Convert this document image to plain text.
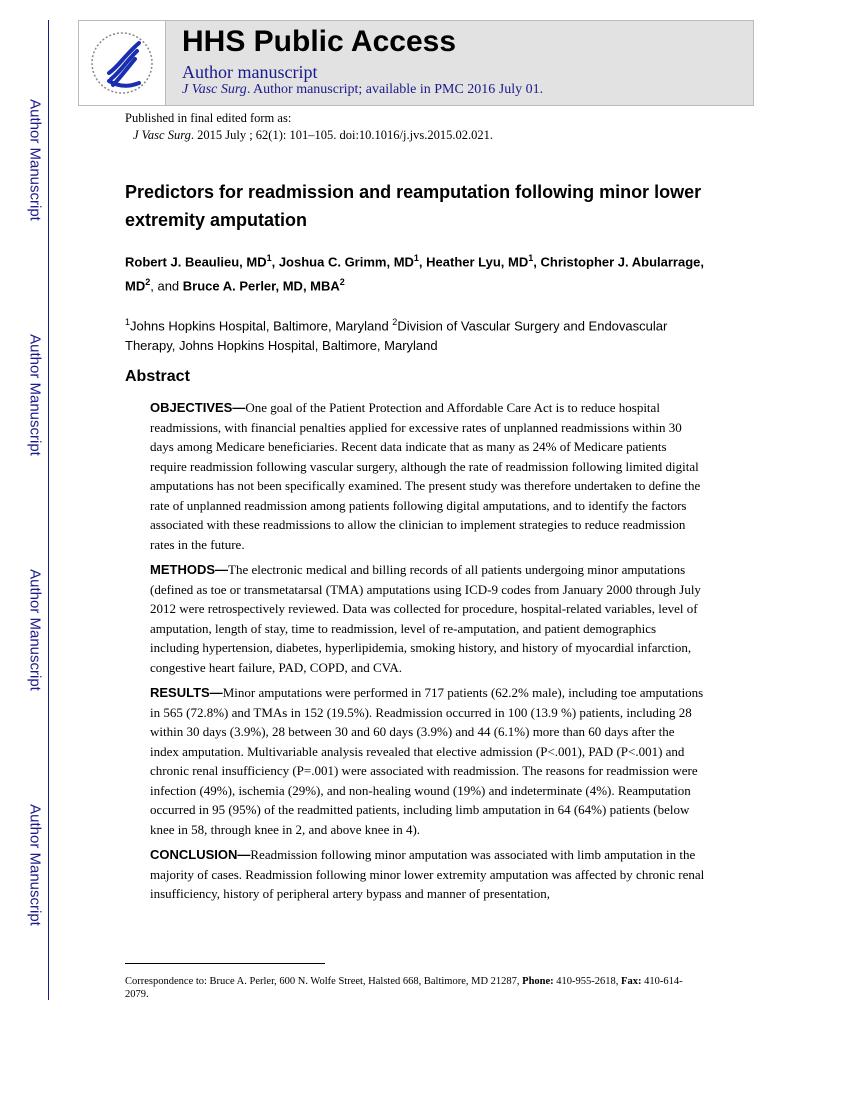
Author Manuscript
Author Manuscript
Author Manuscript
Author Manuscript
HHS Public Access
Author manuscript
J Vasc Surg. Author manuscript; available in PMC 2016 July 01.
Published in final edited form as:
J Vasc Surg. 2015 July ; 62(1): 101–105. doi:10.1016/j.jvs.2015.02.021.
Predictors for readmission and reamputation following minor lower extremity amputation
Robert J. Beaulieu, $MD^1$, Joshua C. Grimm, $MD^1$, Heather Lyu, $MD^1$, Christopher J. Abularrage, $MD^2$, and Bruce A. Perler, MD, MBA$^2$
$^1$Johns Hopkins Hospital, Baltimore, Maryland $^2$Division of Vascular Surgery and Endovascular Therapy, Johns Hopkins Hospital, Baltimore, Maryland
Abstract

OBJECTIVES—One goal of the Patient Protection and Affordable Care Act is to reduce hospital readmissions, with financial penalties applied for excessive rates of unplanned readmissions within 30 days among Medicare beneficiaries. Recent data indicate that as many as 24% of Medicare patients require readmission following vascular surgery, although the rate of readmission following limited digital amputations has not been specifically examined. The present study was therefore undertaken to define the rate of unplanned readmission among patients following digital amputations, and to identify the factors associated with these readmissions to allow the clinician to implement strategies to reduce readmission rates in the future.

METHODS—The electronic medical and billing records of all patients undergoing minor amputations (defined as toe or transmetatarsal (TMA) amputations using ICD-9 codes from January 2000 through July 2012 were retrospectively reviewed. Data was collected for procedure, hospital-related variables, level of amputation, length of stay, time to readmission, level of re-amputation, and patient demographics including hypertension, diabetes, hyperlipidemia, smoking history, and history of myocardial infarction, congestive heart failure, PAD, COPD, and CVA.

RESULTS—Minor amputations were performed in 717 patients (62.2% male), including toe amputations in 565 (72.8%) and TMAs in 152 (19.5%). Readmission occurred in 100 (13.9 %) patients, including 28 within 30 days (3.9%), 28 between 30 and 60 days (3.9%) and 44 (6.1%) more than 60 days after the index amputation. Multivariable analysis revealed that elective admission (P<.001), PAD (P<.001) and chronic renal insufficiency (P=.001) were associated with readmission. The reasons for readmission were infection (49%), ischemia (29%), and non-healing wound (19%) and indeterminate (4%). Reamputation occurred in 95 (95%) of the readmitted patients, including limb amputation in 64 (64%) patients (below knee in 58, through knee in 2, and above knee in 4).

CONCLUSION—Readmission following minor amputation was associated with limb amputation in the majority of cases. Readmission following minor lower extremity amputation was affected by chronic renal insufficiency, history of peripheral artery bypass and manner of presentation,

Correspondence to: Bruce A. Perler, 600 N. Wolfe Street, Halsted 668, Baltimore, MD 21287, Phone: 410-955-2618, Fax: 410-614-2079.
